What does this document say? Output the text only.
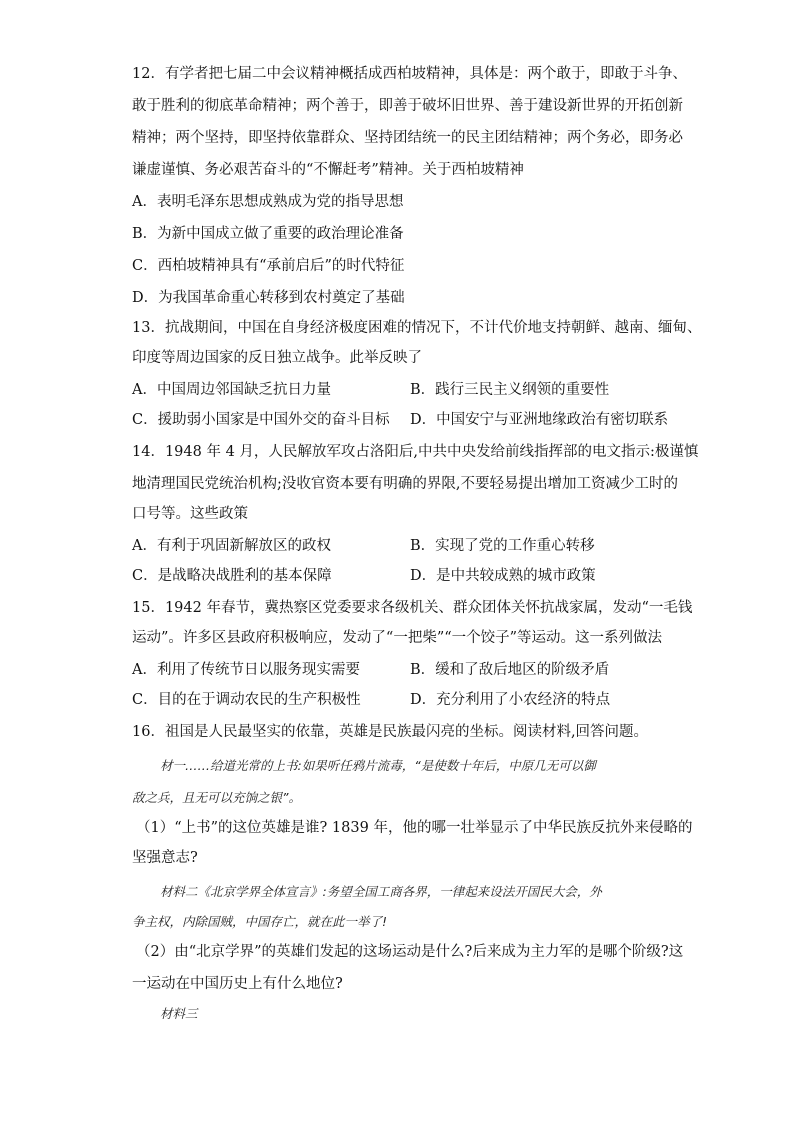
12．有学者把七届二中会议精神概括成西柏坡精神，具体是：两个敢于，即敢于斗争、
敢于胜利的彻底革命精神；两个善于，即善于破坏旧世界、善于建设新世界的开拓创新
精神；两个坚持，即坚持依靠群众、坚持团结统一的民主团结精神；两个务必，即务必
谦虚谨慎、务必艰苦奋斗的“不懈赶考”精神。关于西柏坡精神
A．表明毛泽东思想成熟成为党的指导思想
B．为新中国成立做了重要的政治理论准备
C．西柏坡精神具有“承前启后”的时代特征
D．为我国革命重心转移到农村奠定了基础
13．抗战期间，中国在自身经济极度困难的情况下，不计代价地支持朝鲜、越南、缅甸、
印度等周边国家的反日独立战争。此举反映了
A．中国周边邻国缺乏抗日力量	B．践行三民主义纲领的重要性
C．援助弱小国家是中国外交的奋斗目标 D．中国安宁与亚洲地缘政治有密切联系
14．1948 年 4 月，人民解放军攻占洛阳后,中共中央发给前线指挥部的电文指示:极谨慎
地清理国民党统治机构;没收官资本要有明确的界限,不要轻易提出增加工资减少工时的
口号等。这些政策
A．有利于巩固新解放区的政权	B．实现了党的工作重心转移
C．是战略决战胜利的基本保障	D．是中共较成熟的城市政策
15．1942 年春节，冀热察区党委要求各级机关、群众团体关怀抗战家属，发动“一毛钱
运动”。许多区县政府积极响应，发动了“一把柴”“一个饺子”等运动。这一系列做法
A．利用了传统节日以服务现实需要	B．缓和了敌后地区的阶级矛盾
C．目的在于调动农民的生产积极性	D．充分利用了小农经济的特点
16．祖国是人民最坚实的依靠，英雄是民族最闪亮的坐标。阅读材料,回答问题。
材一……给道光常的上书:如果听任鸦片流毒，“是使数十年后，中原几无可以御
敌之兵，且无可以充饷之银”。
（1）“上书”的这位英雄是谁? 1839 年，他的哪一壮举显示了中华民族反抗外来侵略的
坚强意志?
材料二《北京学界全体宣言》:务望全国工商各界，一律起来设法开国民大会，外
争主权，内除国贼，中国存亡，就在此一举了!
（2）由“北京学界”的英雄们发起的这场运动是什么?后来成为主力军的是哪个阶级?这
一运动在中国历史上有什么地位?
材料三
